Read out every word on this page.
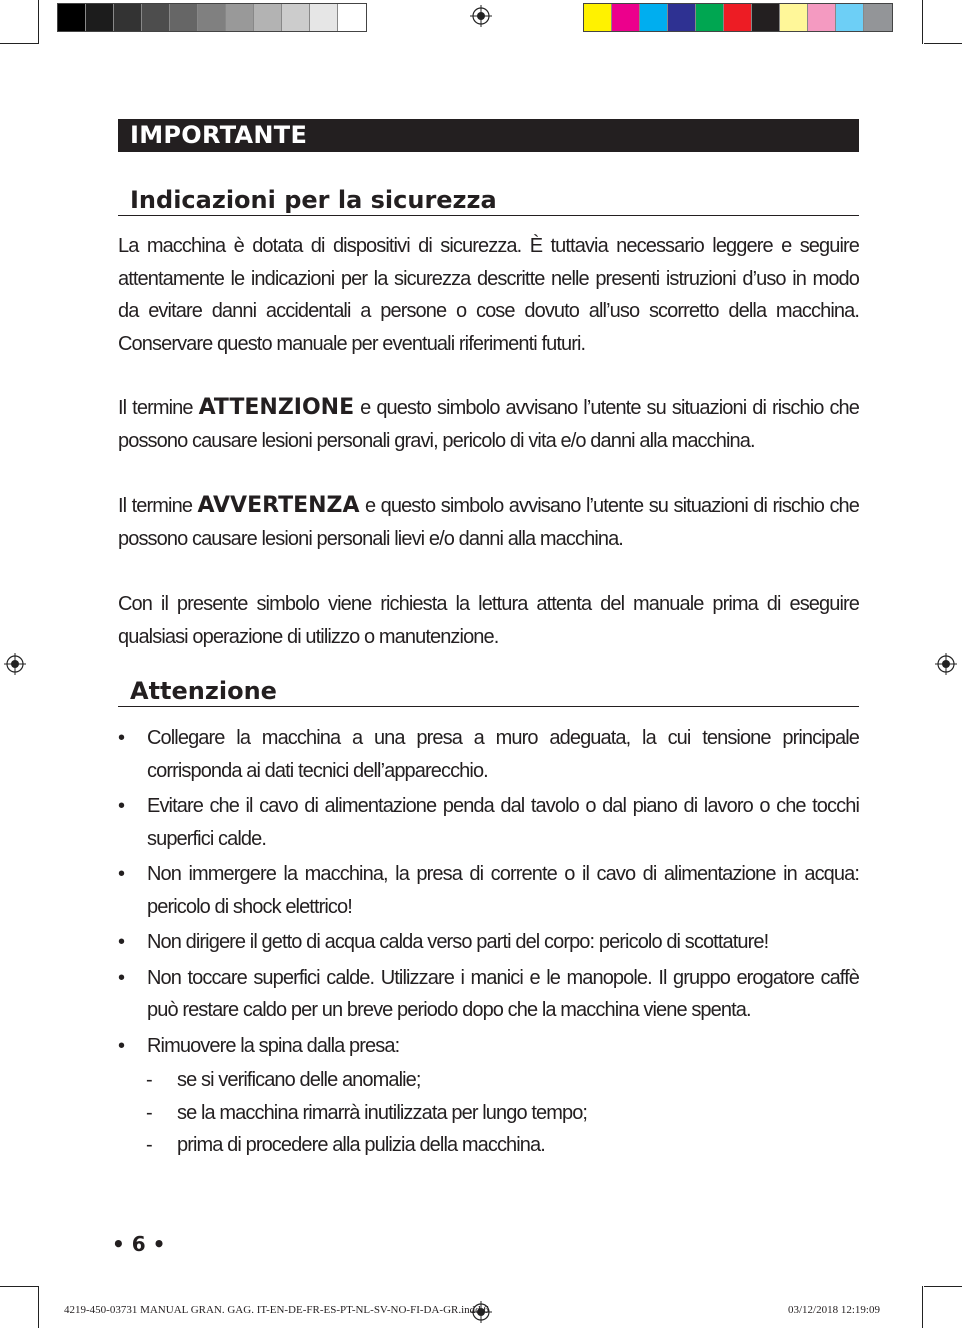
IMPORTANTE
Indicazioni per la sicurezza

La macchina è dotata di dispositivi di sicurezza. È tuttavia necessario leggere e seguire attentamente le indicazioni per la sicurezza descritte nelle presenti istruzioni d’uso in modo da evitare danni accidentali a persone o cose dovuto all’uso scorretto della macchina. Conservare questo manuale per eventuali riferimenti futuri.

Il termine ATTENZIONE e questo simbolo avvisano l’utente su situazioni di rischio che possono causare lesioni personali gravi, pericolo di vita e/o danni alla macchina.

Il termine AVVERTENZA e questo simbolo avvisano l’utente su situazioni di rischio che possono causare lesioni personali lievi e/o danni alla macchina.

Con il presente simbolo viene richiesta la lettura attenta del manuale prima di eseguire qualsiasi operazione di utilizzo o manutenzione.

Attenzione
• Collegare la macchina a una presa a muro adeguata, la cui tensione principale corrisponda ai dati tecnici dell’apparecchio.
• Evitare che il cavo di alimentazione penda dal tavolo o dal piano di lavoro o che tocchi superfici calde.
• Non immergere la macchina, la presa di corrente o il cavo di alimentazione in acqua: pericolo di shock elettrico!
• Non dirigere il getto di acqua calda verso parti del corpo: pericolo di scottature!
• Non toccare superfici calde. Utilizzare i manici e le manopole. Il gruppo erogatore caffè può restare caldo per un breve periodo dopo che la macchina viene spenta.
• Rimuovere la spina dalla presa:
- se si verificano delle anomalie;
- se la macchina rimarrà inutilizzata per lungo tempo;
- prima di procedere alla pulizia della macchina.
• 6 •
4219-450-03731 MANUAL GRAN. GAG. IT-EN-DE-FR-ES-PT-NL-SV-NO-FI-DA-GR.indd 6	03/12/2018 12:19:09
